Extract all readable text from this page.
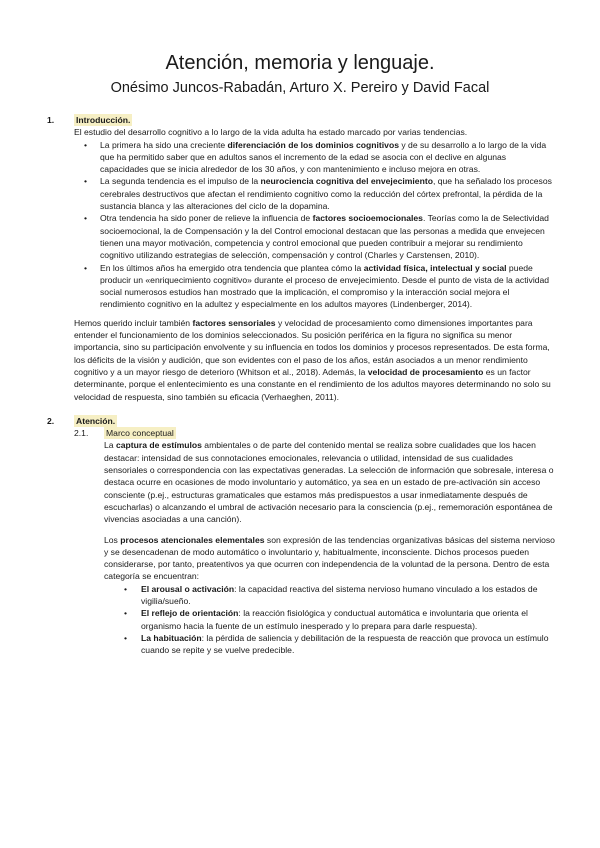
Atención, memoria y lenguaje.
Onésimo Juncos-Rabadán, Arturo X. Pereiro y David Facal
1.	Introducción.

El estudio del desarrollo cognitivo a lo largo de la vida adulta ha estado marcado por varias tendencias.

• La primera ha sido una creciente diferenciación de los dominios cognitivos y de su desarrollo a lo largo de la vida que ha permitido saber que en adultos sanos el incremento de la edad se asocia con el declive en algunas capacidades que se inicia alrededor de los 30 años, y con mantenimiento e incluso mejora en otras.
• La segunda tendencia es el impulso de la neurociencia cognitiva del envejecimiento, que ha señalado los procesos cerebrales destructivos que afectan el rendimiento cognitivo como la reducción del córtex prefrontal, la pérdida de la sustancia blanca y las alteraciones del ciclo de la dopamina.
• Otra tendencia ha sido poner de relieve la influencia de factores socioemocionales. Teorías como la de Selectividad socioemocional, la de Compensación y la del Control emocional destacan que las personas a medida que envejecen tienen una mayor motivación, competencia y control emocional que pueden contribuir a mejorar su rendimiento cognitivo utilizando estrategias de selección, compensación y control (Charles y Carstensen, 2010).
• En los últimos años ha emergido otra tendencia que plantea cómo la actividad física, intelectual y social puede producir un «enriquecimiento cognitivo» durante el proceso de envejecimiento. Desde el punto de vista de la actividad social numerosos estudios han mostrado que la implicación, el compromiso y la interacción social mejora el rendimiento cognitivo en la adultez y especialmente en los adultos mayores (Lindenberger, 2014).

Hemos querido incluir también factores sensoriales y velocidad de procesamiento como dimensiones importantes para entender el funcionamiento de los dominios seleccionados. Su posición periférica en la figura no significa su menor importancia, sino su participación envolvente y su influencia en todos los dominios y procesos representados. De esta forma, los déficits de la visión y audición, que son evidentes con el paso de los años, están asociados a un menor rendimiento cognitivo y a un mayor riesgo de deterioro (Whitson et al., 2018). Además, la velocidad de procesamiento es un factor determinante, porque el enlentecimiento es una constante en el rendimiento de los adultos mayores determinando no solo su velocidad de respuesta, sino también su eficacia (Verhaeghen, 2011).

2.	Atención.
2.1.	Marco conceptual

La captura de estímulos ambientales o de parte del contenido mental se realiza sobre cualidades que los hacen destacar: intensidad de sus connotaciones emocionales, relevancia o utilidad, intensidad de sus cualidades sensoriales o correspondencia con las expectativas generadas. La selección de información que sobresale, interesa o destaca ocurre en ocasiones de modo involuntario y automático, ya sea en un estado de pre-activación sin acceso consciente (p.ej., estructuras gramaticales que estamos más predispuestos a usar inmediatamente después de escucharlas) o alcanzando el umbral de activación necesario para la consciencia (p.ej., rememoración espontánea de vivencias asociadas a una canción).

Los procesos atencionales elementales son expresión de las tendencias organizativas básicas del sistema nervioso y se desencadenan de modo automático o involuntario y, habitualmente, inconsciente. Dichos procesos pueden considerarse, por tanto, preatentivos ya que ocurren con independencia de la voluntad de la persona. Dentro de esta categoría se encuentran:

• El arousal o activación: la capacidad reactiva del sistema nervioso humano vinculado a los estados de vigilia/sueño.
• El reflejo de orientación: la reacción fisiológica y conductual automática e involuntaria que orienta el organismo hacia la fuente de un estímulo inesperado y lo prepara para darle respuesta).
• La habituación: la pérdida de saliencia y debilitación de la respuesta de reacción que provoca un estímulo cuando se repite y se vuelve predecible.
